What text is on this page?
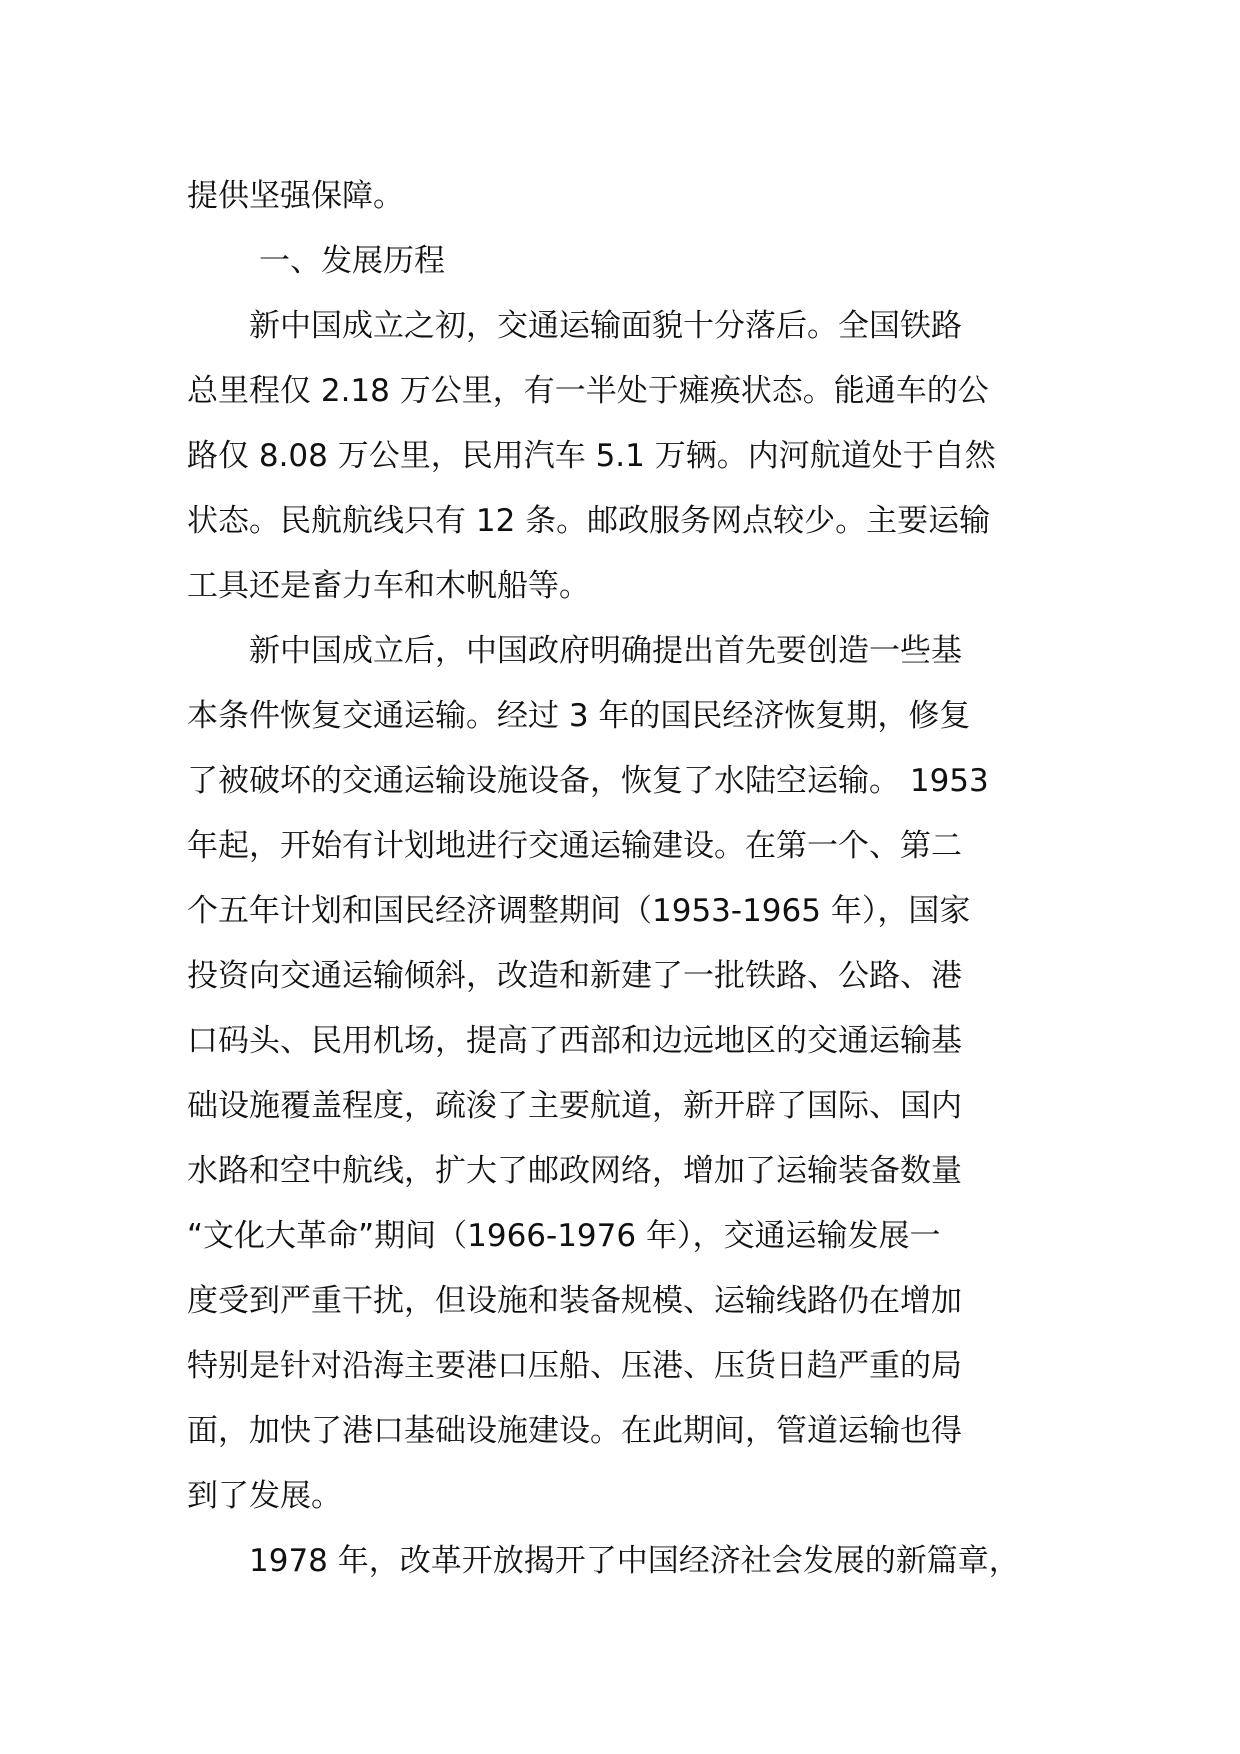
提供坚强保障。
一、发展历程
　　新中国成立之初，交通运输面貌十分落后。全国铁路
总里程仅 2.18 万公里，有一半处于瘫痪状态。能通车的公
路仅 8.08 万公里，民用汽车 5.1 万辆。内河航道处于自然
状态。民航航线只有 12 条。邮政服务网点较少。主要运输
工具还是畜力车和木帆船等。
　　新中国成立后，中国政府明确提出首先要创造一些基
本条件恢复交通运输。经过 3 年的国民经济恢复期，修复
了被破坏的交通运输设施设备，恢复了水陆空运输。 1953
年起，开始有计划地进行交通运输建设。在第一个、第二
个五年计划和国民经济调整期间（1953-1965 年），国家
投资向交通运输倾斜，改造和新建了一批铁路、公路、港
口码头、民用机场，提高了西部和边远地区的交通运输基
础设施覆盖程度，疏浚了主要航道，新开辟了国际、国内
水路和空中航线，扩大了邮政网络，增加了运输装备数量
“文化大革命”期间（1966-1976 年），交通运输发展一
度受到严重干扰，但设施和装备规模、运输线路仍在增加
特别是针对沿海主要港口压船、压港、压货日趋严重的局
面，加快了港口基础设施建设。在此期间，管道运输也得
到了发展。
　　1978 年，改革开放揭开了中国经济社会发展的新篇章，
